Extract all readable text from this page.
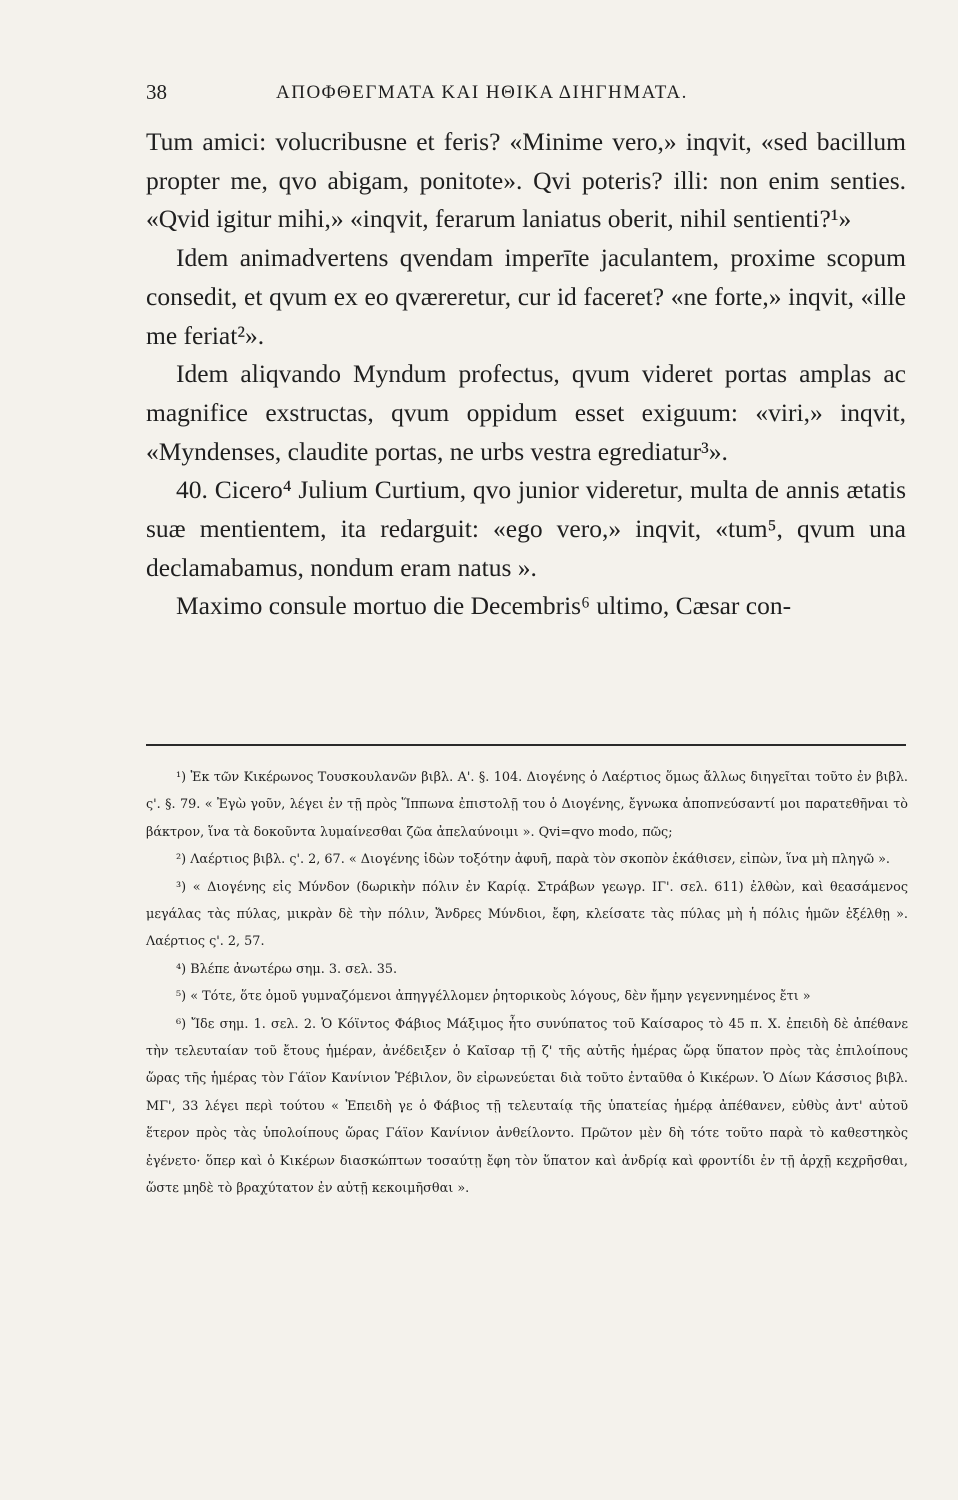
38	ΑΠΟΦΘΕΓΜΑΤΑ ΚΑΙ ΗΘΙΚΑ ΔΙΗΓΗΜΑΤΑ.

Tum amici: volucribusne et feris? «Minime vero,» inqvit, «sed bacillum propter me, qvo abigam, ponitote». Qvi poteris? illi: non enim senties. «Qvid igitur mihi,» «inqvit, ferarum laniatus oberit, nihil sentienti?¹»

Idem animadvertens qvendam imperīte jaculantem, proxime scopum consedit, et qvum ex eo qværeretur, cur id faceret? «ne forte,» inqvit, «ille me feriat²».

Idem aliqvando Myndum profectus, qvum videret portas amplas ac magnifice exstructas, qvum oppidum esset exiguum: «viri,» inqvit, «Myndenses, claudite portas, ne urbs vestra egrediatur³».

40. Cicero⁴ Julium Curtium, qvo junior videretur, multa de annis ætatis suæ mentientem, ita redarguit: «ego vero,» inqvit, «tum⁵, qvum una declamabamus, nondum eram natus ».

Maximo consule mortuo die Decembris⁶ ultimo, Cæsar con-

¹) Ἐκ τῶν Κικέρωνος Τουσκουλανῶν βιβλ. Α'. §. 104. Διογένης ὁ Λαέρτιος ὅμως ἄλλως διηγεῖται τοῦτο ἐν βιβλ. ς'. §. 79. « Ἐγὼ γοῦν, λέγει ἐν τῇ πρὸς Ἵππωνα ἐπιστολῇ του ὁ Διογένης, ἔγνωκα ἀποπνεύσαντί μοι παρατεθῆναι τὸ βάκτρον, ἵνα τὰ δοκοῦντα λυμαίνεσθαι ζῶα ἀπελαύνοιμι ». Qvi=qvo modo, πῶς;

²) Λαέρτιος βιβλ. ς'. 2, 67. « Διογένης ἰδὼν τοξότην ἀφυῆ, παρὰ τὸν σκοπὸν ἐκάθισεν, εἰπὼν, ἵνα μὴ πληγῶ ».

³) « Διογένης εἰς Μύνδον (δωρικὴν πόλιν ἐν Καρίᾳ. Στράβων γεωγρ. ΙΓ'. σελ. 611) ἐλθὼν, καὶ θεασάμενος μεγάλας τὰς πύλας, μικρὰν δὲ τὴν πόλιν, Ἄνδρες Μύνδιοι, ἔφη, κλείσατε τὰς πύλας μὴ ἡ πόλις ἡμῶν ἐξέλθῃ ». Λαέρτιος ς'. 2, 57.

⁴) Βλέπε ἀνωτέρω σημ. 3. σελ. 35.

⁵) « Τότε, ὅτε ὁμοῦ γυμναζόμενοι ἀπηγγέλλομεν ῥητορικοὺς λόγους, δὲν ἤμην γεγεννημένος ἔτι »

⁶) Ἴδε σημ. 1. σελ. 2. Ὁ Κόϊντος Φάβιος Μάξιμος ἦτο συνύπατος τοῦ Καίσαρος τὸ 45 π. Χ. ἐπειδὴ δὲ ἀπέθανε τὴν τελευταίαν τοῦ ἔτους ἡμέραν, ἀνέδειξεν ὁ Καῖσαρ τῇ ζ' τῆς αὐτῆς ἡμέρας ὥρᾳ ὕπατον πρὸς τὰς ἐπιλοίπους ὥρας τῆς ἡμέρας τὸν Γάϊον Κανίνιον Ῥέβιλον, ὃν εἰρωνεύεται διὰ τοῦτο ἐνταῦθα ὁ Κικέρων. Ὁ Δίων Κάσσιος βιβλ. ΜΓ', 33 λέγει περὶ τούτου « Ἐπειδὴ γε ὁ Φάβιος τῇ τελευταίᾳ τῆς ὑπατείας ἡμέρᾳ ἀπέθανεν, εὐθὺς ἀντ' αὐτοῦ ἕτερον πρὸς τὰς ὑπολοίπους ὥρας Γάϊον Κανίνιον ἀνθείλοντο. Πρῶτον μὲν δὴ τότε τοῦτο παρὰ τὸ καθεστηκὸς ἐγένετο· ὅπερ καὶ ὁ Κικέρων διασκώπτων τοσαύτῃ ἔφη τὸν ὕπατον καὶ ἀνδρίᾳ καὶ φροντίδι ἐν τῇ ἀρχῇ κεχρῆσθαι, ὥστε μηδὲ τὸ βραχύτατον ἐν αὐτῇ κεκοιμῆσθαι ».
